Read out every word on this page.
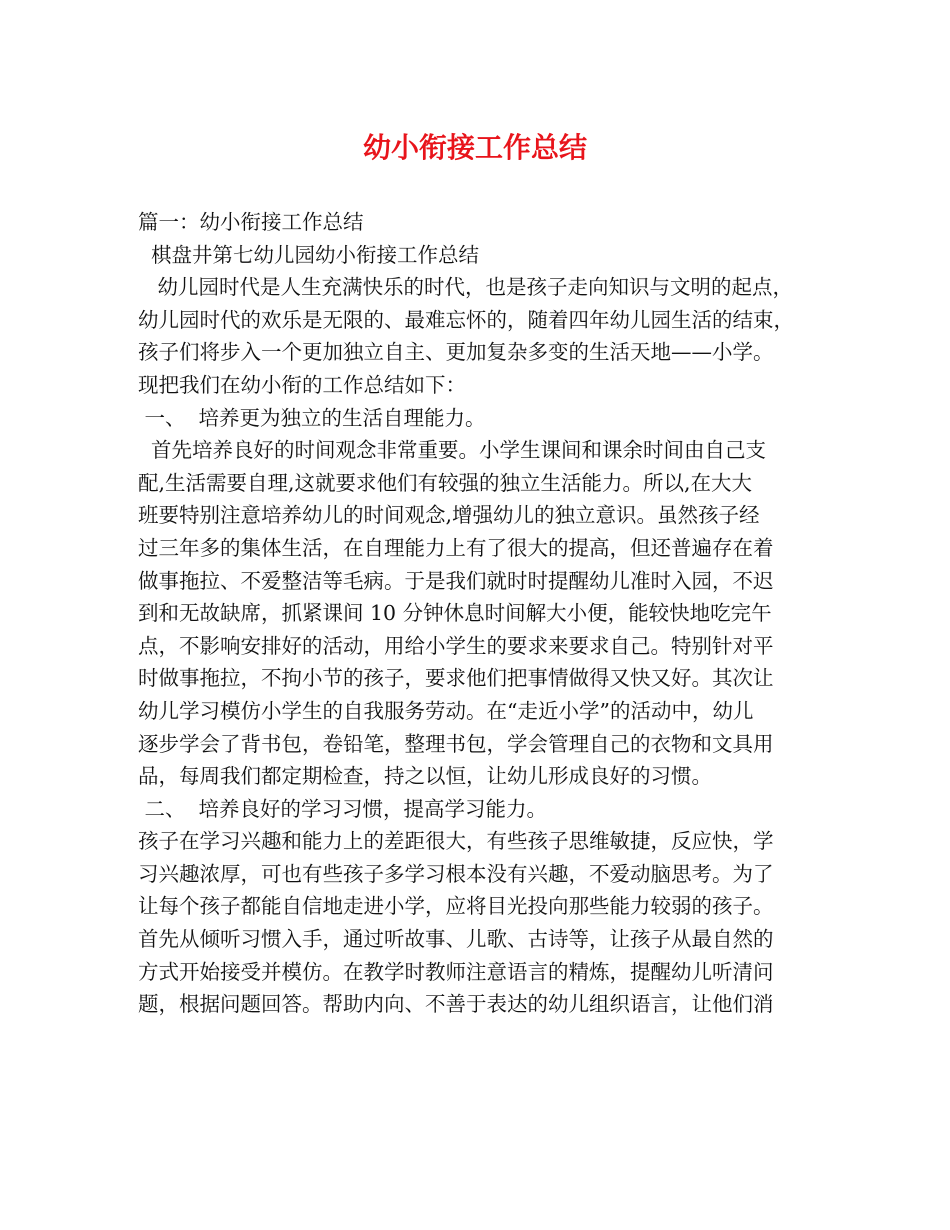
幼小衔接工作总结
篇一：幼小衔接工作总结
棋盘井第七幼儿园幼小衔接工作总结
幼儿园时代是人生充满快乐的时代，也是孩子走向知识与文明的起点，
幼儿园时代的欢乐是无限的、最难忘怀的，随着四年幼儿园生活的结束，
孩子们将步入一个更加独立自主、更加复杂多变的生活天地——小学。
现把我们在幼小衔的工作总结如下：
一、  培养更为独立的生活自理能力。
首先培养良好的时间观念非常重要。小学生课间和课余时间由自己支
配,生活需要自理,这就要求他们有较强的独立生活能力。所以,在大大
班要特别注意培养幼儿的时间观念,增强幼儿的独立意识。虽然孩子经
过三年多的集体生活，在自理能力上有了很大的提高，但还普遍存在着
做事拖拉、不爱整洁等毛病。于是我们就时时提醒幼儿准时入园，不迟
到和无故缺席，抓紧课间 10 分钟休息时间解大小便，能较快地吃完午
点，不影响安排好的活动，用给小学生的要求来要求自己。特别针对平
时做事拖拉，不拘小节的孩子，要求他们把事情做得又快又好。其次让
幼儿学习模仿小学生的自我服务劳动。在“走近小学”的活动中，幼儿
逐步学会了背书包，卷铅笔，整理书包，学会管理自己的衣物和文具用
品，每周我们都定期检查，持之以恒，让幼儿形成良好的习惯。
二、  培养良好的学习习惯，提高学习能力。
孩子在学习兴趣和能力上的差距很大，有些孩子思维敏捷，反应快，学
习兴趣浓厚，可也有些孩子多学习根本没有兴趣，不爱动脑思考。为了
让每个孩子都能自信地走进小学，应将目光投向那些能力较弱的孩子。
首先从倾听习惯入手，通过听故事、儿歌、古诗等，让孩子从最自然的
方式开始接受并模仿。在教学时教师注意语言的精炼，提醒幼儿听清问
题，根据问题回答。帮助内向、不善于表达的幼儿组织语言，让他们消
